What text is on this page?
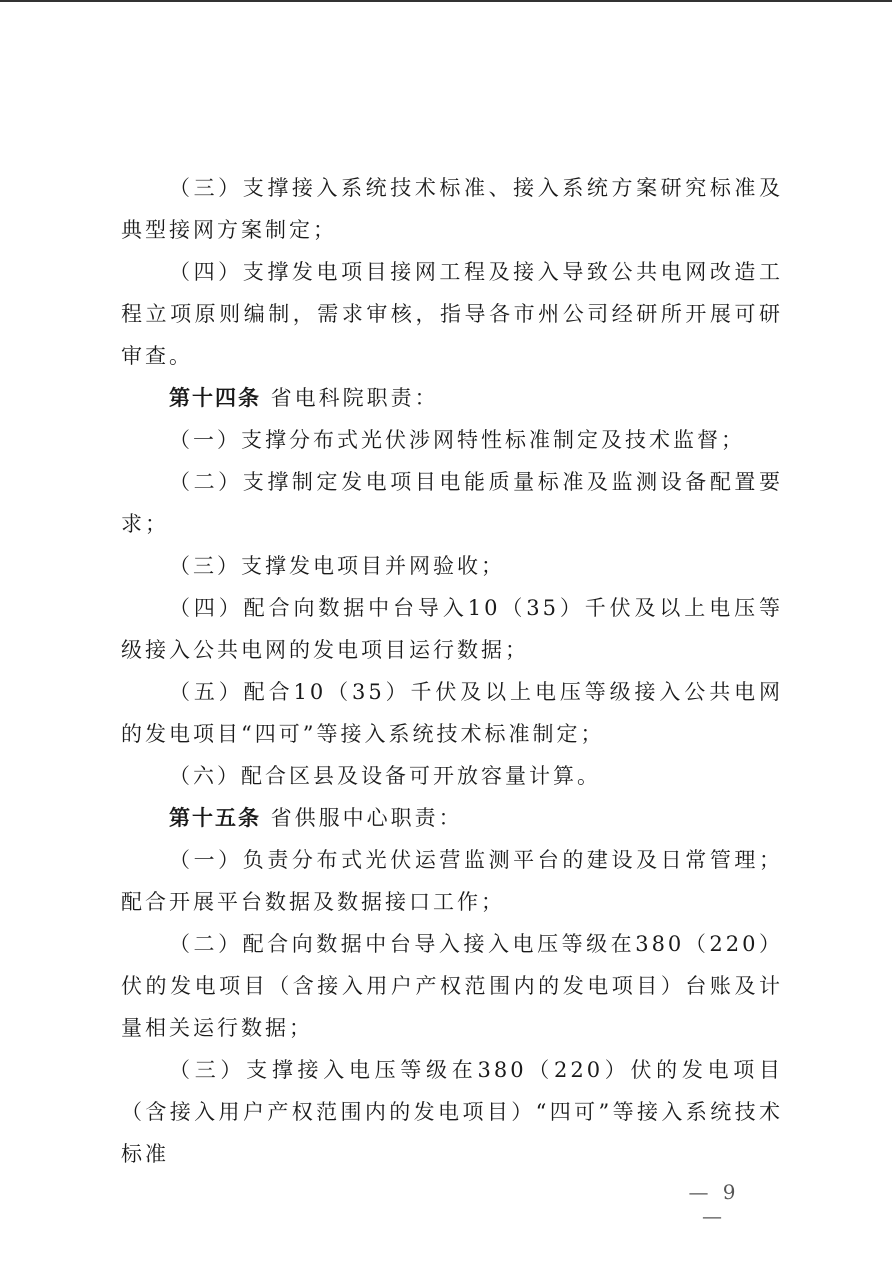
（三）支撑接入系统技术标准、接入系统方案研究标准及典型接网方案制定；

（四）支撑发电项目接网工程及接入导致公共电网改造工程立项原则编制，需求审核，指导各市州公司经研所开展可研审查。

第十四条 省电科院职责：

（一）支撑分布式光伏涉网特性标准制定及技术监督；

（二）支撑制定发电项目电能质量标准及监测设备配置要求；

（三）支撑发电项目并网验收；

（四）配合向数据中台导入10（35）千伏及以上电压等级接入公共电网的发电项目运行数据；

（五）配合10（35）千伏及以上电压等级接入公共电网的发电项目“四可”等接入系统技术标准制定；

（六）配合区县及设备可开放容量计算。

第十五条 省供服中心职责：

（一）负责分布式光伏运营监测平台的建设及日常管理；配合开展平台数据及数据接口工作；

（二）配合向数据中台导入接入电压等级在380（220）伏的发电项目（含接入用户产权范围内的发电项目）台账及计量相关运行数据；

（三）支撑接入电压等级在380（220）伏的发电项目（含接入用户产权范围内的发电项目）“四可”等接入系统技术标准

— 9 —
